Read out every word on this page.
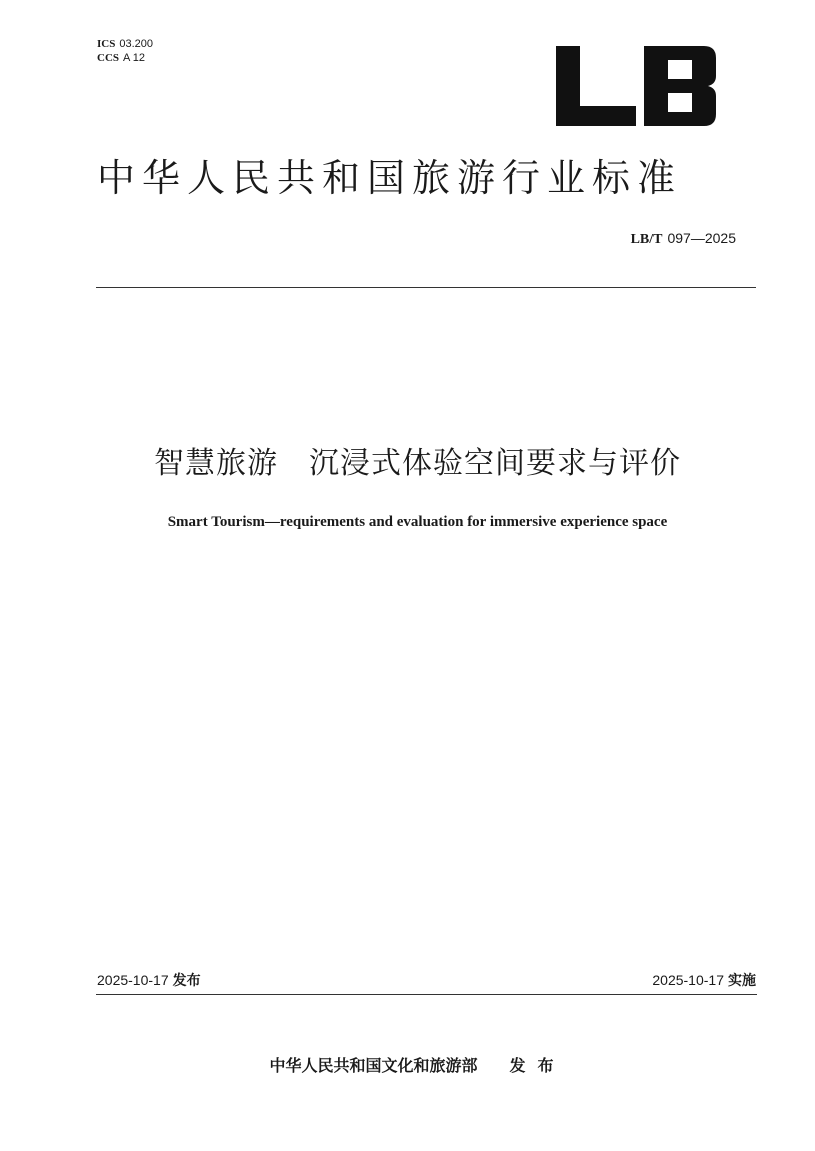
ICS 03.200
CCS A 12
中华人民共和国旅游行业标准
LB/T 097—2025
智慧旅游　沉浸式体验空间要求与评价
Smart Tourism—requirements and evaluation for immersive experience space
2025-10-17 发布	2025-10-17 实施
中华人民共和国文化和旅游部 发布
